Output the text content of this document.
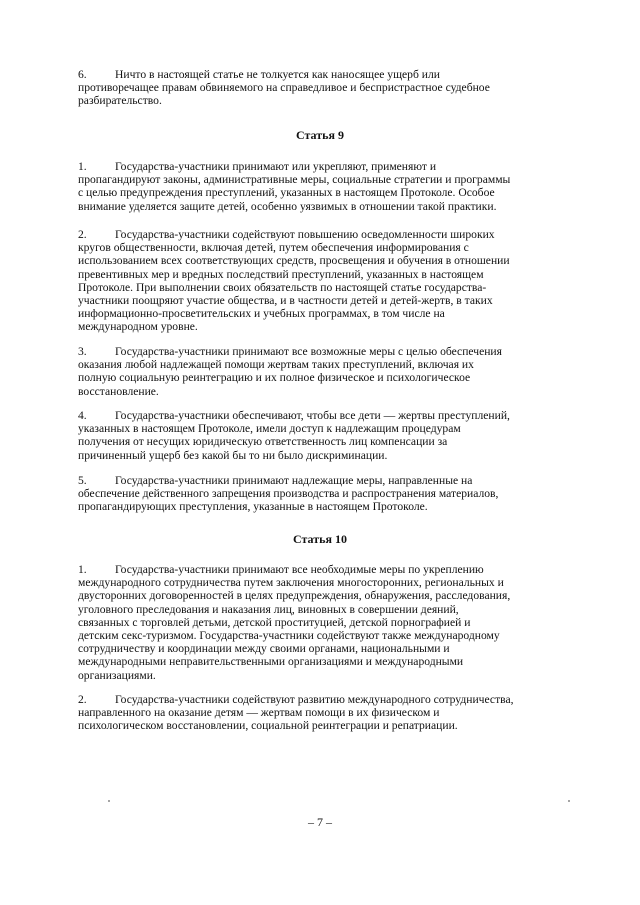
6. Ничто в настоящей статье не толкуется как наносящее ущерб или
противоречащее правам обвиняемого на справедливое и беспристрастное судебное
разбирательство.
Статья 9
1. Государства-участники принимают или укрепляют, применяют и
пропагандируют законы, административные меры, социальные стратегии и программы
с целью предупреждения преступлений, указанных в настоящем Протоколе. Особое
внимание уделяется защите детей, особенно уязвимых в отношении такой практики.
2. Государства-участники содействуют повышению осведомленности широких
кругов общественности, включая детей, путем обеспечения информирования с
использованием всех соответствующих средств, просвещения и обучения в отношении
превентивных мер и вредных последствий преступлений, указанных в настоящем
Протоколе. При выполнении своих обязательств по настоящей статье государства-
участники поощряют участие общества, и в частности детей и детей-жертв, в таких
информационно-просветительских и учебных программах, в том числе на
международном уровне.
3. Государства-участники принимают все возможные меры с целью обеспечения
оказания любой надлежащей помощи жертвам таких преступлений, включая их
полную социальную реинтеграцию и их полное физическое и психологическое
восстановление.
4. Государства-участники обеспечивают, чтобы все дети — жертвы преступлений,
указанных в настоящем Протоколе, имели доступ к надлежащим процедурам
получения от несущих юридическую ответственность лиц компенсации за
причиненный ущерб без какой бы то ни было дискриминации.
5. Государства-участники принимают надлежащие меры, направленные на
обеспечение действенного запрещения производства и распространения материалов,
пропагандирующих преступления, указанные в настоящем Протоколе.
Статья 10
1. Государства-участники принимают все необходимые меры по укреплению
международного сотрудничества путем заключения многосторонних, региональных и
двусторонних договоренностей в целях предупреждения, обнаружения, расследования,
уголовного преследования и наказания лиц, виновных в совершении деяний,
связанных с торговлей детьми, детской проституцией, детской порнографией и
детским секс-туризмом. Государства-участники содействуют также международному
сотрудничеству и координации между своими органами, национальными и
международными неправительственными организациями и международными
организациями.
2. Государства-участники содействуют развитию международного сотрудничества,
направленного на оказание детям — жертвам помощи в их физическом и
психологическом восстановлении, социальной реинтеграции и репатриации.
– 7 –
